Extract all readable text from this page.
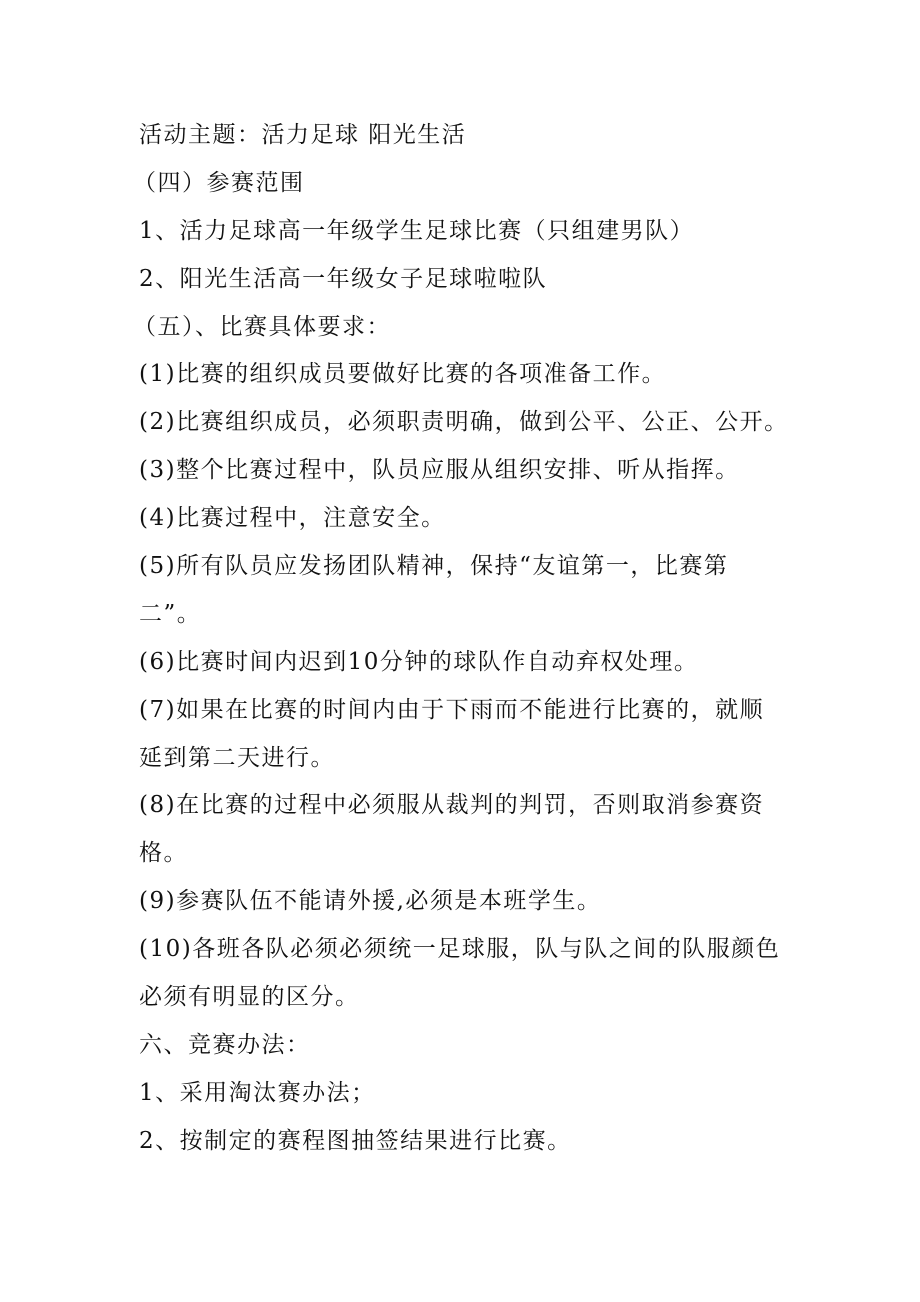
活动主题：活力足球 阳光生活
（四）参赛范围
1、活力足球高一年级学生足球比赛（只组建男队）
2、阳光生活高一年级女子足球啦啦队
（五）、比赛具体要求：
(1)比赛的组织成员要做好比赛的各项准备工作。
(2)比赛组织成员，必须职责明确，做到公平、公正、公开。
(3)整个比赛过程中，队员应服从组织安排、听从指挥。
(4)比赛过程中，注意安全。
(5)所有队员应发扬团队精神，保持“友谊第一，比赛第
二”。
(6)比赛时间内迟到10分钟的球队作自动弃权处理。
(7)如果在比赛的时间内由于下雨而不能进行比赛的，就顺
延到第二天进行。
(8)在比赛的过程中必须服从裁判的判罚，否则取消参赛资
格。
(9)参赛队伍不能请外援,必须是本班学生。
(10)各班各队必须必须统一足球服，队与队之间的队服颜色
必须有明显的区分。
六、竞赛办法：
1、采用淘汰赛办法；
2、按制定的赛程图抽签结果进行比赛。
